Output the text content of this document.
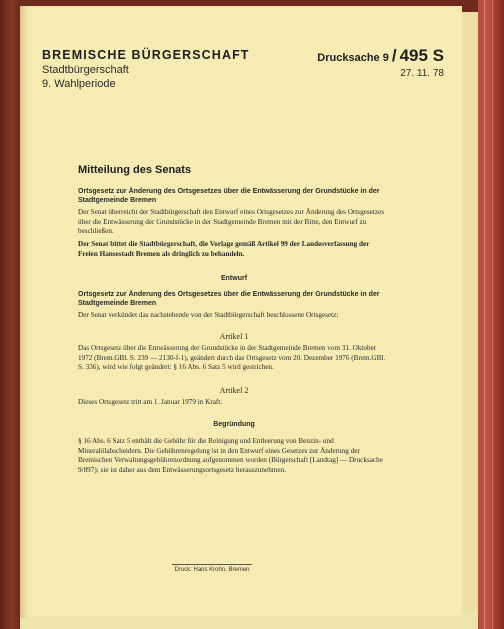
BREMISCHE BÜRGERSCHAFT
Stadtbürgerschaft
9. Wahlperiode
Drucksache 9 / 495 S
27. 11. 78
Mitteilung des Senats
Ortsgesetz zur Änderung des Ortsgesetzes über die Entwässerung der Grundstücke in der Stadtgemeinde Bremen
Der Senat überreicht der Stadtbürgerschaft den Entwurf eines Ortsgesetzes zur Änderung des Ortsgesetzes über die Entwässerung der Grundstücke in der Stadtgemeinde Bremen mit der Bitte, den Entwurf zu beschließen.
Der Senat bittet die Stadtbürgerschaft, die Vorlage gemäß Artikel 99 der Landesverfassung der Freien Hansestadt Bremen als dringlich zu behandeln.
Entwurf
Ortsgesetz zur Änderung des Ortsgesetzes über die Entwässerung der Grundstücke in der Stadtgemeinde Bremen
Der Senat verkündet das nachstehende von der Stadtbürgerschaft beschlossene Ortsgesetz:
Artikel 1
Das Ortsgesetz über die Entwässerung der Grundstücke in der Stadtgemeinde Bremen vom 31. Oktober 1972 (Brem.GBl. S. 239 — 2130-f-1), geändert durch das Ortsgesetz vom 20. Dezember 1976 (Brem.GBl. S. 336), wird wie folgt geändert: § 16 Abs. 6 Satz 5 wird gestrichen.
Artikel 2
Dieses Ortsgesetz tritt am 1. Januar 1979 in Kraft.
Begründung
§ 16 Abs. 6 Satz 5 enthält die Gebühr für die Reinigung und Entleerung von Benzin- und Mineralölabscheidern. Die Gebührenregelung ist in den Entwurf eines Gesetzes zur Änderung der Bremischen Verwaltungsgebührenordnung aufgenommen worden (Bürgerschaft [Landtag] — Drucksache 9/897); sie ist daher aus dem Entwässerungsortsgesetz herauszunehmen.
Druck: Hans Krohn, Bremen
